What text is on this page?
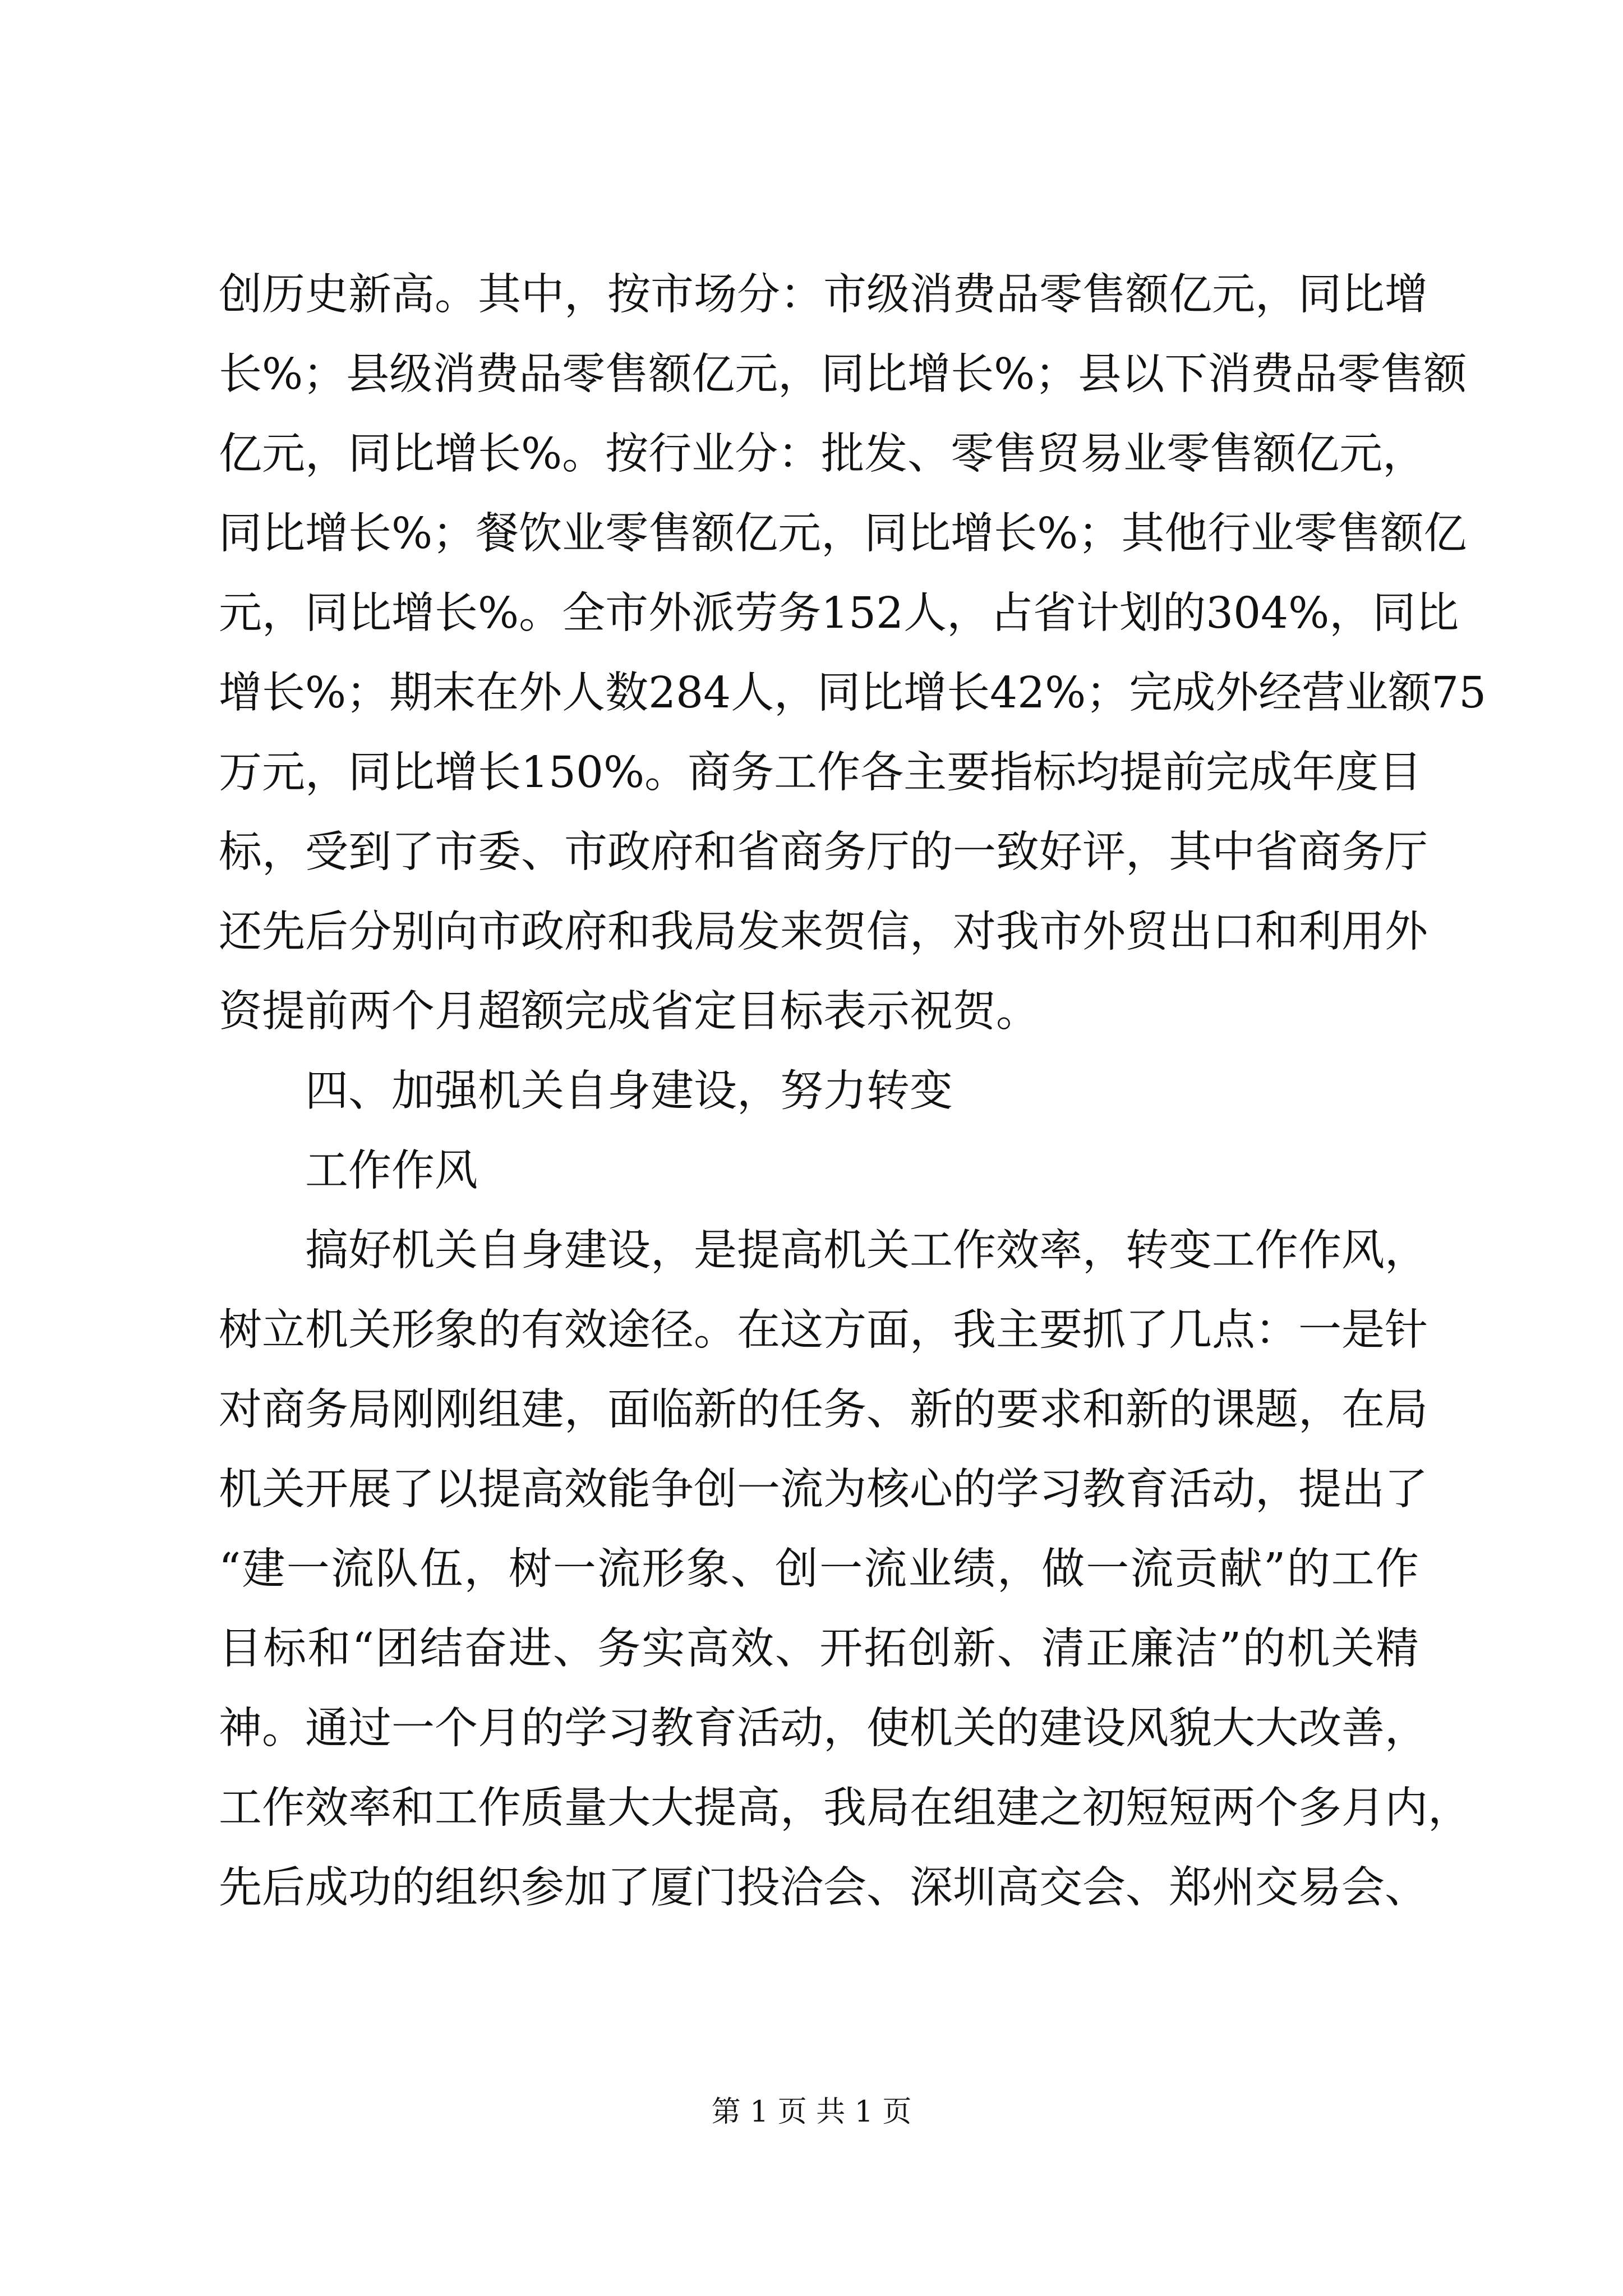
创历史新高。其中，按市场分：市级消费品零售额亿元，同比增
长%；县级消费品零售额亿元，同比增长%；县以下消费品零售额
亿元，同比增长%。按行业分：批发、零售贸易业零售额亿元，
同比增长%；餐饮业零售额亿元，同比增长%；其他行业零售额亿
元，同比增长%。全市外派劳务152人，占省计划的304%，同比
增长%；期末在外人数284人，同比增长42%；完成外经营业额75
万元，同比增长150%。商务工作各主要指标均提前完成年度目
标，受到了市委、市政府和省商务厅的一致好评，其中省商务厅
还先后分别向市政府和我局发来贺信，对我市外贸出口和利用外
资提前两个月超额完成省定目标表示祝贺。
四、加强机关自身建设，努力转变
工作作风
搞好机关自身建设，是提高机关工作效率，转变工作作风，
树立机关形象的有效途径。在这方面，我主要抓了几点：一是针
对商务局刚刚组建，面临新的任务、新的要求和新的课题，在局
机关开展了以提高效能争创一流为核心的学习教育活动，提出了
“建一流队伍，树一流形象、创一流业绩，做一流贡献”的工作
目标和“团结奋进、务实高效、开拓创新、清正廉洁”的机关精
神。通过一个月的学习教育活动，使机关的建设风貌大大改善，
工作效率和工作质量大大提高，我局在组建之初短短两个多月内，
先后成功的组织参加了厦门投洽会、深圳高交会、郑州交易会、
第 1 页 共 1 页
